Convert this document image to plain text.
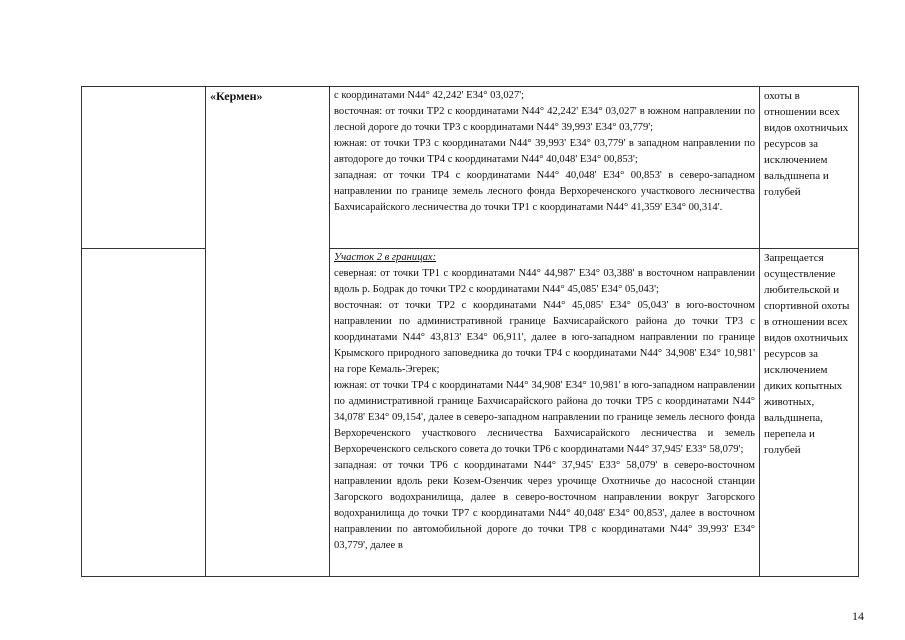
	«Кермен»	с координатами N44° 42,242' E34° 03,027';

восточная: от точки ТР2 с координатами N44° 42,242' E34° 03,027' в южном направлении по лесной дороге до точки ТР3 с координатами N44° 39,993' E34° 03,779';

южная: от точки ТР3 с координатами N44° 39,993' E34° 03,779' в западном направлении по автодороге до точки ТР4 с координатами N44° 40,048' E34° 00,853';

западная: от точки ТР4 с координатами N44° 40,048' E34° 00,853' в северо-западном направлении по границе земель лесного фонда Верхореченского участкового лесничества Бахчисарайского лесничества до точки ТР1 с координатами N44° 41,359' E34° 00,314'.	охоты в отношении всех видов охотничьих ресурсов за исключением вальдшнепа и голубей

		Участок 2 в границах:

северная: от точки ТР1 с координатами N44° 44,987' E34° 03,388' в восточном направлении вдоль р. Бодрак до точки ТР2 с координатами N44° 45,085' E34° 05,043';

восточная: от точки ТР2 с координатами N44° 45,085' E34° 05,043' в юго-восточном направлении по административной границе Бахчисарайского района до точки ТР3 с координатами N44° 43,813' E34° 06,911', далее в юго-западном направлении по границе Крымского природного заповедника до точки ТР4 с координатами N44° 34,908' E34° 10,981' на горе Кемаль-Эгерек;

южная: от точки ТР4 с координатами N44° 34,908' E34° 10,981' в юго-западном направлении по административной границе Бахчисарайского района до точки ТР5 с координатами N44° 34,078' E34° 09,154', далее в северо-западном направлении по границе земель лесного фонда Верхореченского участкового лесничества Бахчисарайского лесничества и земель Верхореченского сельского совета до точки ТР6 с координатами N44° 37,945' E33° 58,079';

западная: от точки ТР6 с координатами N44° 37,945' E33° 58,079' в северо-восточном направлении вдоль реки Козем-Озенчик через урочище Охотничье до насосной станции Загорского водохранилища, далее в северо-восточном направлении вокруг Загорского водохранилища до точки ТР7 с координатами N44° 40,048' E34° 00,853', далее в восточном направлении по автомобильной дороге до точки ТР8 с координатами N44° 39,993' E34° 03,779', далее в	Запрещается осуществление любительской и спортивной охоты в отношении всех видов охотничьих ресурсов за исключением диких копытных животных, вальдшнепа, перепела и голубей
14
